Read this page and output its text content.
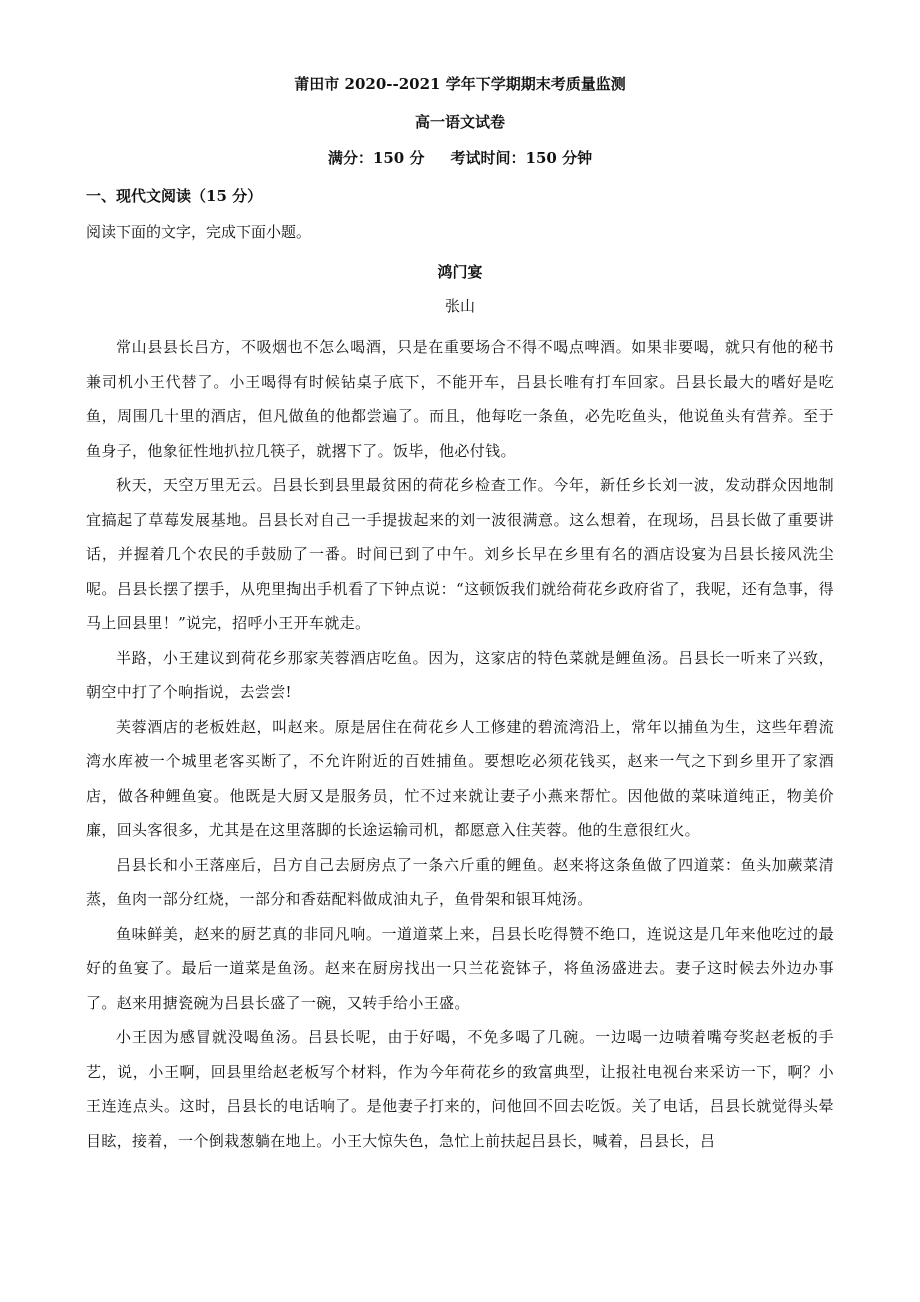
莆田市 2020--2021 学年下学期期末考质量监测
高一语文试卷
满分：150 分     考试时间：150 分钟
一、现代文阅读（15 分）
阅读下面的文字，完成下面小题。
鸿门宴
张山

常山县县长吕方，不吸烟也不怎么喝酒，只是在重要场合不得不喝点啤酒。如果非要喝，就只有他的秘书兼司机小王代替了。小王喝得有时候钻桌子底下，不能开车，吕县长唯有打车回家。吕县长最大的嗜好是吃鱼，周围几十里的酒店，但凡做鱼的他都尝遍了。而且，他每吃一条鱼，必先吃鱼头，他说鱼头有营养。至于鱼身子，他象征性地扒拉几筷子，就撂下了。饭毕，他必付钱。

秋天，天空万里无云。吕县长到县里最贫困的荷花乡检查工作。今年，新任乡长刘一波，发动群众因地制宜搞起了草莓发展基地。吕县长对自己一手提拔起来的刘一波很满意。这么想着，在现场，吕县长做了重要讲话，并握着几个农民的手鼓励了一番。时间已到了中午。刘乡长早在乡里有名的酒店设宴为吕县长接风洗尘呢。吕县长摆了摆手，从兜里掏出手机看了下钟点说：“这顿饭我们就给荷花乡政府省了，我呢，还有急事，得马上回县里！”说完，招呼小王开车就走。

半路，小王建议到荷花乡那家芙蓉酒店吃鱼。因为，这家店的特色菜就是鲤鱼汤。吕县长一听来了兴致，朝空中打了个响指说，去尝尝!

芙蓉酒店的老板姓赵，叫赵来。原是居住在荷花乡人工修建的碧流湾沿上，常年以捕鱼为生，这些年碧流湾水库被一个城里老客买断了，不允许附近的百姓捕鱼。要想吃必须花钱买，赵来一气之下到乡里开了家酒店，做各种鲤鱼宴。他既是大厨又是服务员，忙不过来就让妻子小燕来帮忙。因他做的菜味道纯正，物美价廉，回头客很多，尤其是在这里落脚的长途运输司机，都愿意入住芙蓉。他的生意很红火。

吕县长和小王落座后，吕方自己去厨房点了一条六斤重的鲤鱼。赵来将这条鱼做了四道菜：鱼头加蕨菜清蒸，鱼肉一部分红烧，一部分和香菇配料做成油丸子，鱼骨架和银耳炖汤。

鱼味鲜美，赵来的厨艺真的非同凡响。一道道菜上来，吕县长吃得赞不绝口，连说这是几年来他吃过的最好的鱼宴了。最后一道菜是鱼汤。赵来在厨房找出一只兰花瓷钵子，将鱼汤盛进去。妻子这时候去外边办事了。赵来用搪瓷碗为吕县长盛了一碗，又转手给小王盛。

小王因为感冒就没喝鱼汤。吕县长呢，由于好喝，不免多喝了几碗。一边喝一边啧着嘴夸奖赵老板的手艺，说，小王啊，回县里给赵老板写个材料，作为今年荷花乡的致富典型，让报社电视台来采访一下，啊？小王连连点头。这时，吕县长的电话响了。是他妻子打来的，问他回不回去吃饭。关了电话，吕县长就觉得头晕目眩，接着，一个倒栽葱躺在地上。小王大惊失色，急忙上前扶起吕县长，喊着，吕县长，吕
